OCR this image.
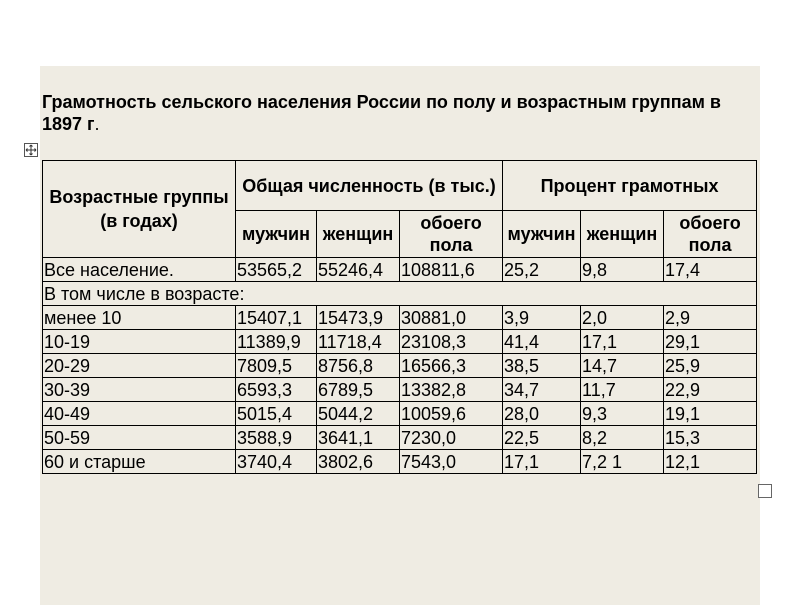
Грамотность сельского населения России по полу и возрастным группам в 1897 г.
Возрастные группы (в годах)	Общая численность (в тыс.)			Процент грамотных		
	мужчин	женщин	обоего пола	мужчин	женщин	обоего пола
Все население.	53565,2	55246,4	108811,6	25,2	9,8	17,4
В том числе в возрасте:						
менее 10	15407,1	15473,9	30881,0	3,9	2,0	2,9
10-19	11389,9	11718,4	23108,3	41,4	17,1	29,1
20-29	7809,5	8756,8	16566,3	38,5	14,7	25,9
30-39	6593,3	6789,5	13382,8	34,7	11,7	22,9
40-49	5015,4	5044,2	10059,6	28,0	9,3	19,1
50-59	3588,9	3641,1	7230,0	22,5	8,2	15,3
60 и старше	3740,4	3802,6	7543,0	17,1	7,2 1	12,1
